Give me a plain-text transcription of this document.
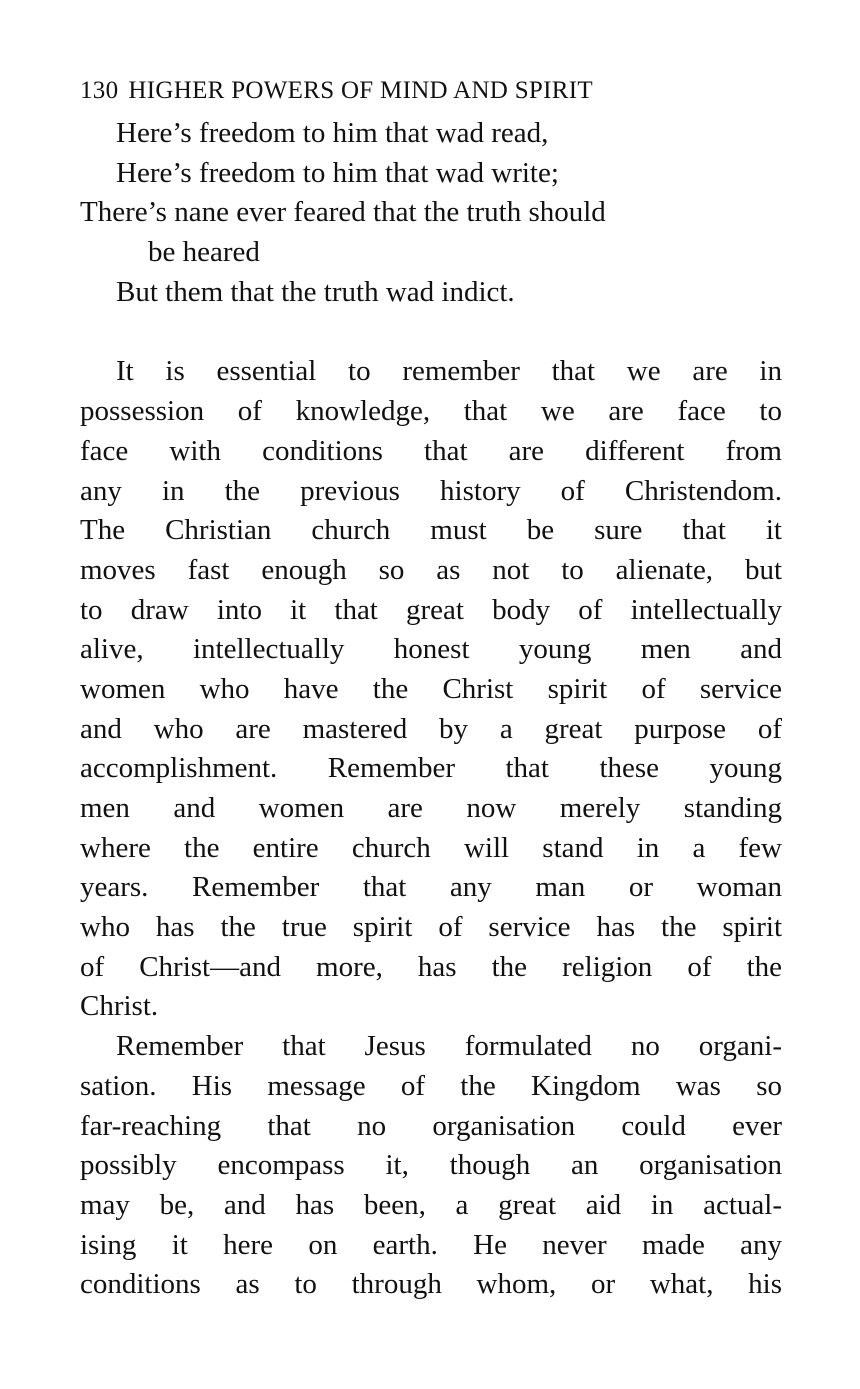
130 HIGHER POWERS OF MIND AND SPIRIT
Here’s freedom to him that wad read,
Here’s freedom to him that wad write;
There’s nane ever feared that the truth should
be heared
But them that the truth wad indict.
It is essential to remember that we are in
possession of knowledge, that we are face to
face with conditions that are different from
any in the previous history of Christendom.
The Christian church must be sure that it
moves fast enough so as not to alienate, but
to draw into it that great body of intellectually
alive, intellectually honest young men and
women who have the Christ spirit of service
and who are mastered by a great purpose of
accomplishment. Remember that these young
men and women are now merely standing
where the entire church will stand in a few
years. Remember that any man or woman
who has the true spirit of service has the spirit
of Christ—and more, has the religion of the
Christ.
Remember that Jesus formulated no organi-
sation. His message of the Kingdom was so
far-reaching that no organisation could ever
possibly encompass it, though an organisation
may be, and has been, a great aid in actual-
ising it here on earth. He never made any
conditions as to through whom, or what, his
